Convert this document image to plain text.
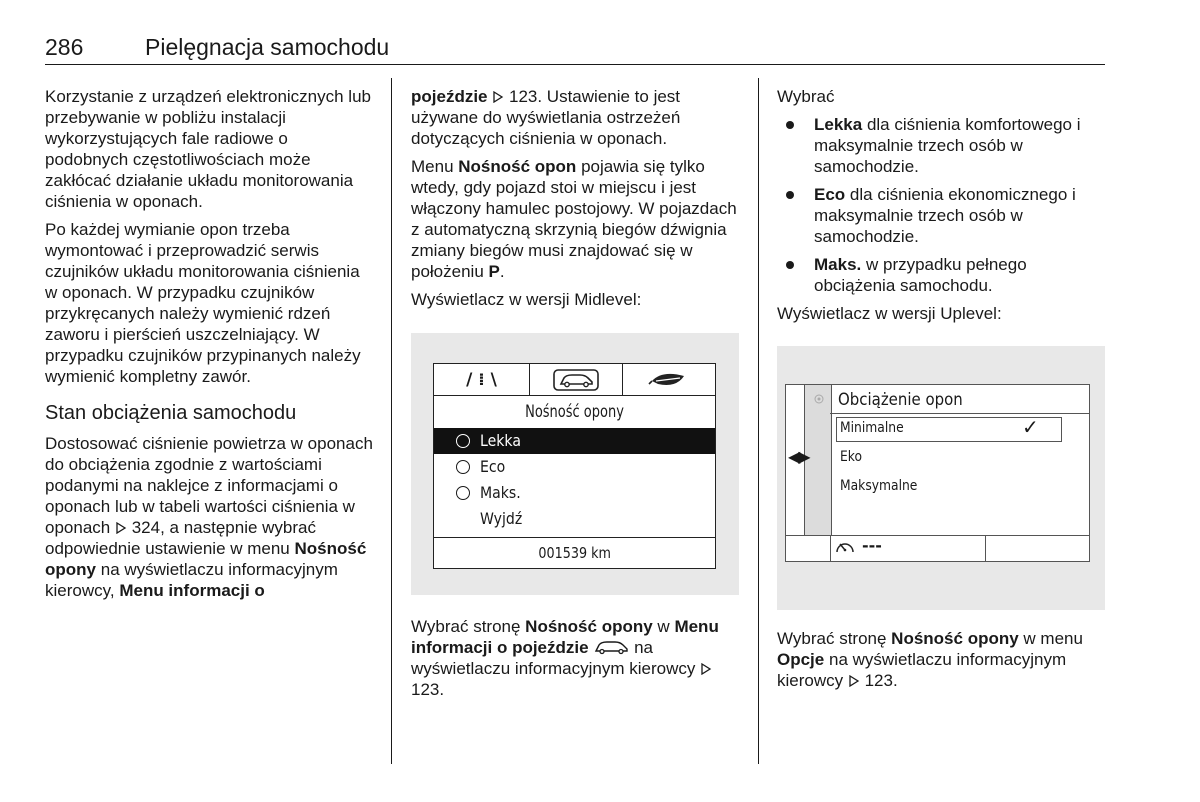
286	Pielęgnacja samochodu

Korzystanie z urządzeń elektronicznych lub przebywanie w pobliżu instalacji wykorzystujących fale radiowe o podobnych częstotliwościach może zakłócać działanie układu monitorowania ciśnienia w oponach.

Po każdej wymianie opon trzeba wymontować i przeprowadzić serwis czujników układu monitorowania ciśnienia w oponach. W przypadku czujników przykręcanych należy wymienić rdzeń zaworu i pierścień uszczelniający. W przypadku czujników przypinanych należy wymienić kompletny zawór.

Stan obciążenia samochodu

Dostosować ciśnienie powietrza w oponach do obciążenia zgodnie z wartościami podanymi na naklejce z informacjami o oponach lub w tabeli wartości ciśnienia w oponach 324, a następnie wybrać odpowiednie ustawienie w menu Nośność opony na wyświetlaczu informacyjnym kierowcy, Menu informacji o

pojeździe 123. Ustawienie to jest używane do wyświetlania ostrzeżeń dotyczących ciśnienia w oponach.

Menu Nośność opon pojawia się tylko wtedy, gdy pojazd stoi w miejscu i jest włączony hamulec postojowy. W pojazdach z automatyczną skrzynią biegów dźwignia zmiany biegów musi znajdować się w położeniu P.

Wyświetlacz w wersji Midlevel:

/ ⁞ \
Nośność opony
Lekka
Eco
Maks.
Wyjdź
001539 km

Wybrać stronę Nośność opony w Menu informacji o pojeździe	na wyświetlaczu informacyjnym kierowcy  123.

Wybrać

Lekka dla ciśnienia komfortowego i maksymalnie trzech osób w samochodzie.
Eco dla ciśnienia ekonomicznego i maksymalnie trzech osób w samochodzie.
Maks. w przypadku pełnego obciążenia samochodu.

Wyświetlacz w wersji Uplevel:

Obciążenie opon
◀▶
Minimalne	✓
Eko
Maksymalne
---

Wybrać stronę Nośność opony w menu Opcje na wyświetlaczu informacyjnym kierowcy 123.
